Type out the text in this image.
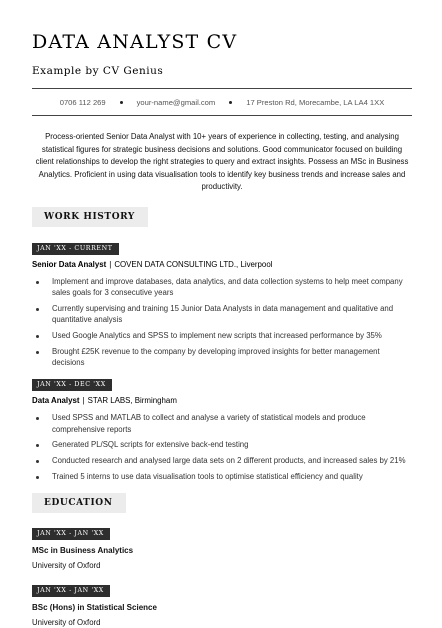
DATA ANALYST CV
Example by CV Genius
0706 112 269	your-name@gmail.com	17 Preston Rd, Morecambe, LA LA4 1XX

Process-oriented Senior Data Analyst with 10+ years of experience in collecting, testing, and analysing statistical figures for strategic business decisions and solutions. Good communicator focused on building client relationships to develop the right strategies to query and extract insights. Possess an MSc in Business Analytics. Proficient in using data visualisation tools to identify key business trends and increase sales and productivity.

WORK HISTORY
JAN 'XX - CURRENT
Senior Data Analyst | COVEN DATA CONSULTING LTD., Liverpool
Implement and improve databases, data analytics, and data collection systems to help meet company sales goals for 3 consecutive years
Currently supervising and training 15 Junior Data Analysts in data management and qualitative and quantitative analysis
Used Google Analytics and SPSS to implement new scripts that increased performance by 35%
Brought £25K revenue to the company by developing improved insights for better management decisions
JAN 'XX - DEC 'XX
Data Analyst | STAR LABS, Birmingham
Used SPSS and MATLAB to collect and analyse a variety of statistical models and produce comprehensive reports
Generated PL/SQL scripts for extensive back-end testing
Conducted research and analysed large data sets on 2 different products, and increased sales by 21%
Trained 5 interns to use data visualisation tools to optimise statistical efficiency and quality
EDUCATION
JAN 'XX - JAN 'XX
MSc in Business Analytics
University of Oxford
JAN 'XX - JAN 'XX
BSc (Hons) in Statistical Science
University of Oxford
